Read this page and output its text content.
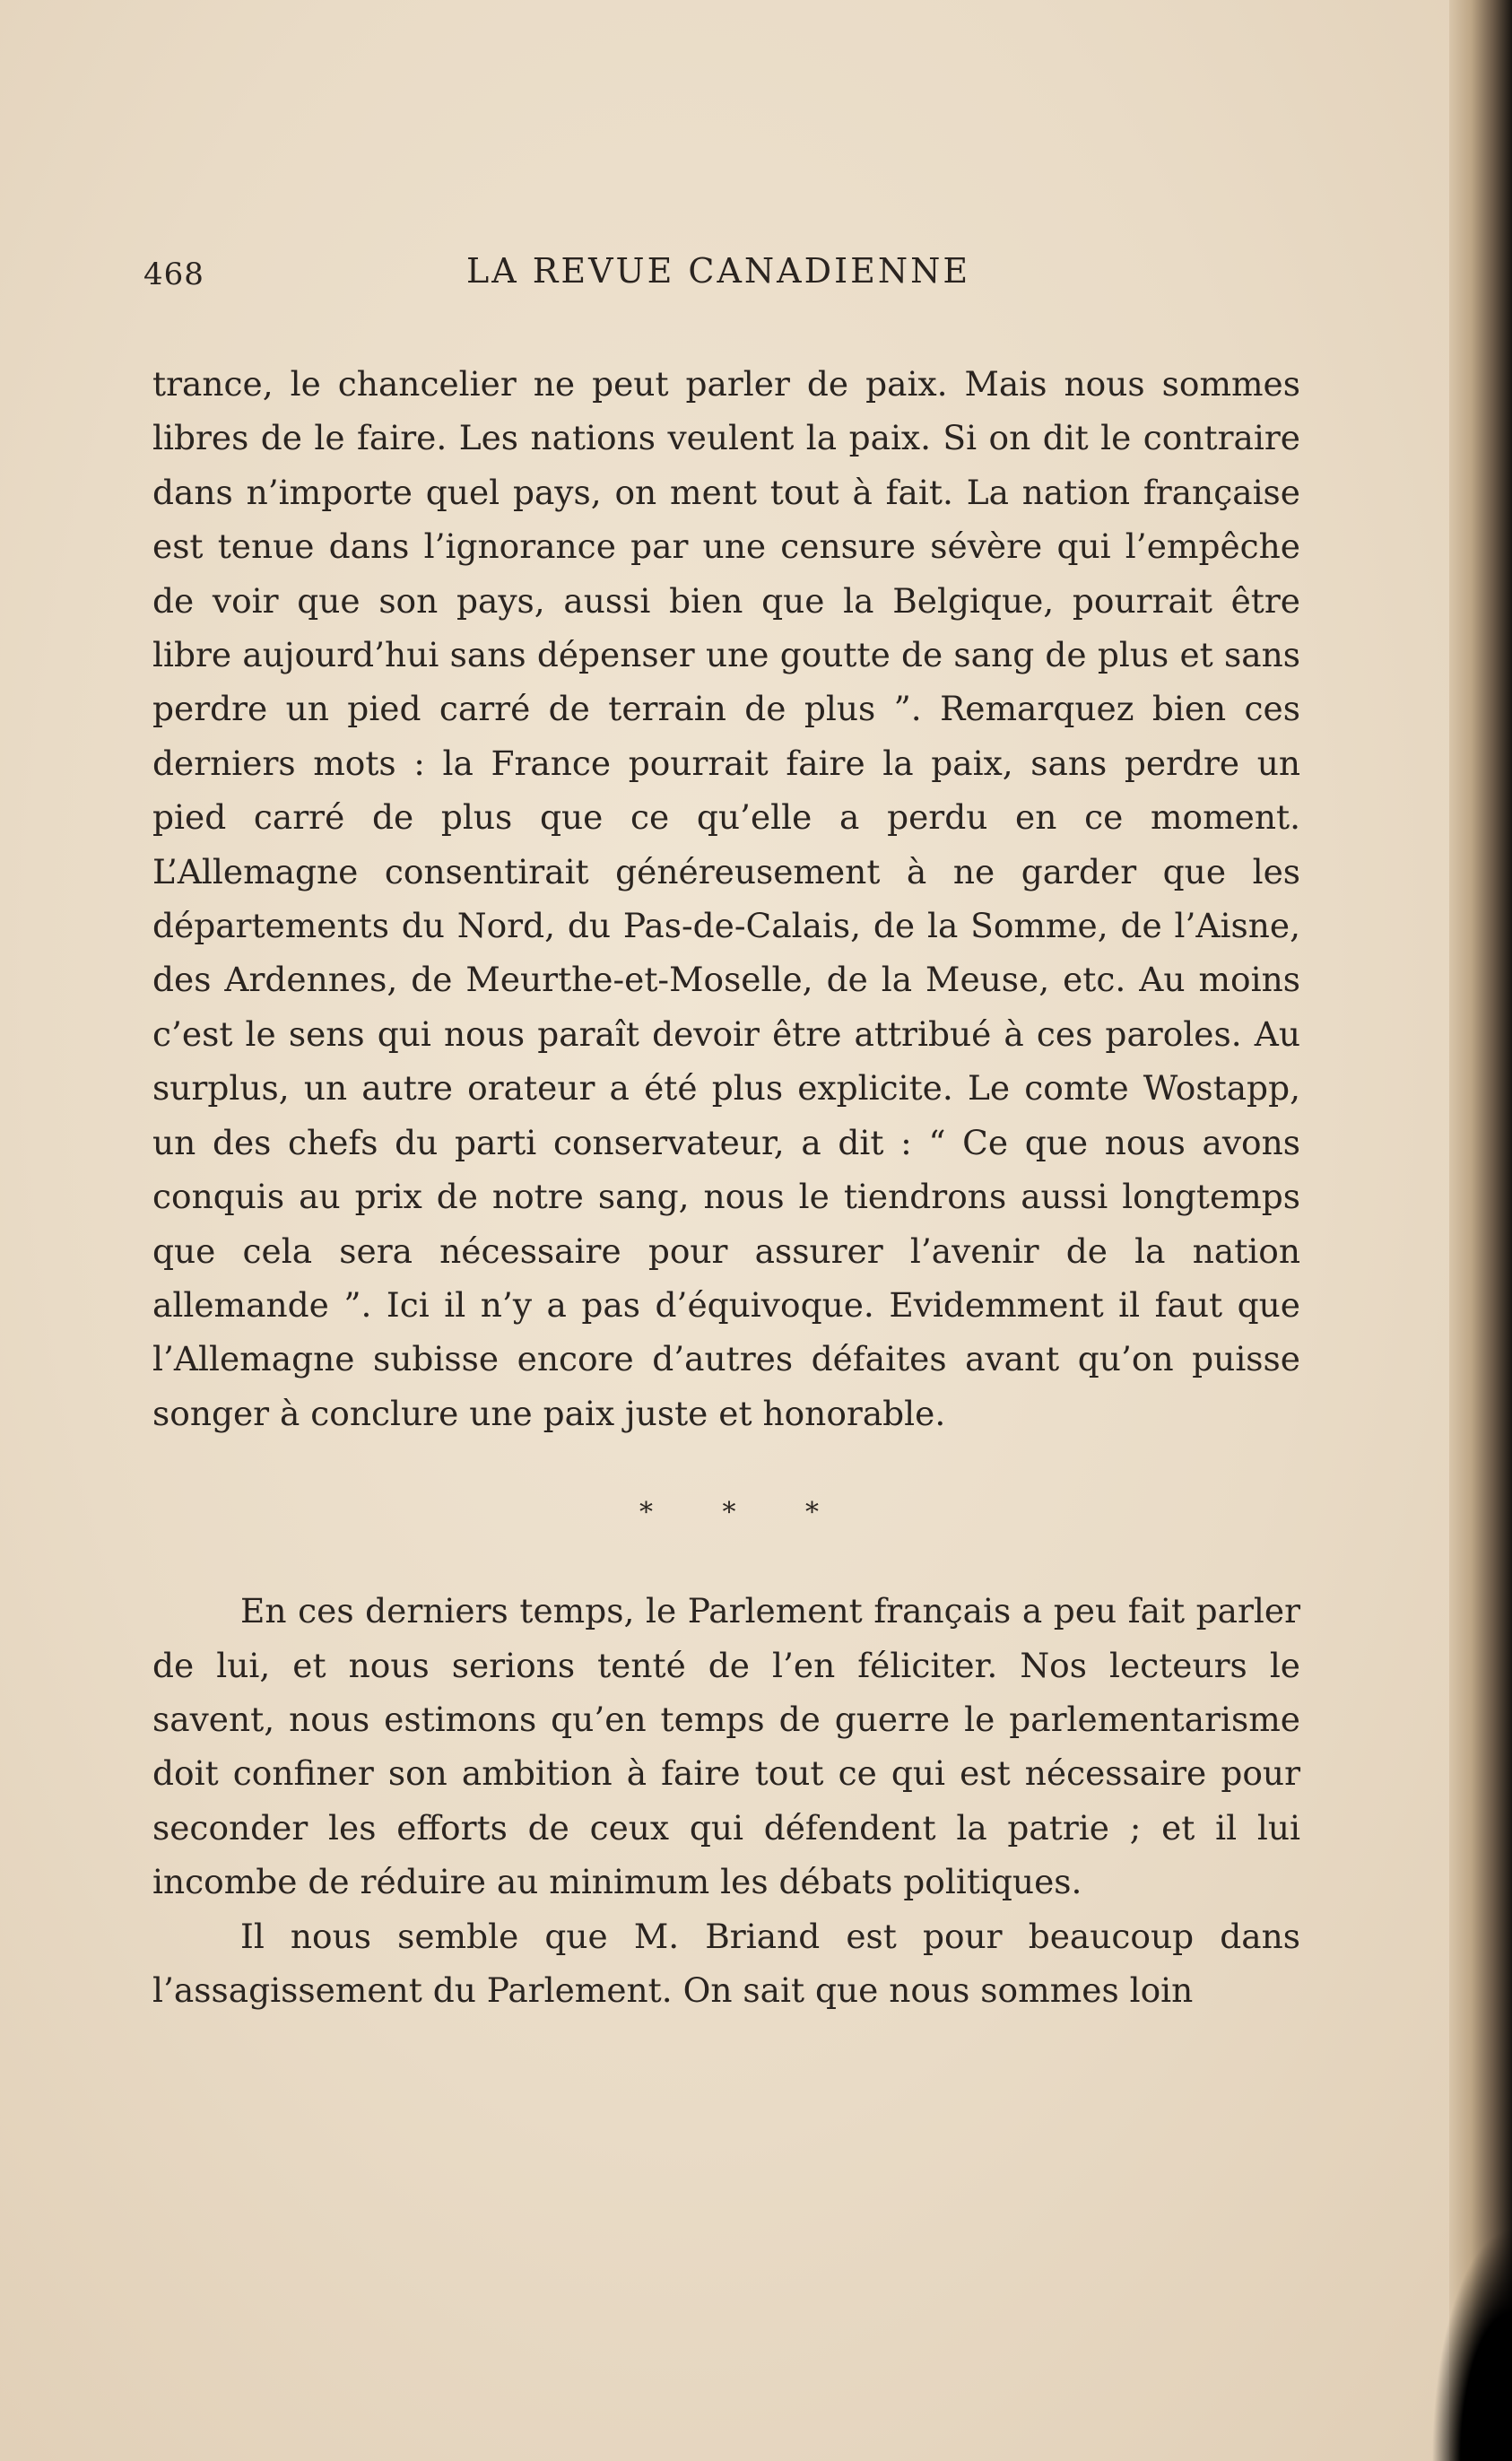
468	LA REVUE CANADIENNE

trance, le chancelier ne peut parler de paix. Mais nous sommes libres de le faire. Les nations veulent la paix. Si on dit le contraire dans n’importe quel pays, on ment tout à fait. La nation française est tenue dans l’ignorance par une censure sévère qui l’empêche de voir que son pays, aussi bien que la Belgique, pourrait être libre aujourd’hui sans dépenser une goutte de sang de plus et sans perdre un pied carré de terrain de plus ”. Remarquez bien ces derniers mots : la France pourrait faire la paix, sans perdre un pied carré de plus que ce qu’elle a perdu en ce moment. L’Allemagne consentirait généreusement à ne garder que les départements du Nord, du Pas-de-Calais, de la Somme, de l’Aisne, des Ardennes, de Meurthe-et-Moselle, de la Meuse, etc. Au moins c’est le sens qui nous paraît devoir être attribué à ces paroles. Au surplus, un autre orateur a été plus explicite. Le comte Wostapp, un des chefs du parti conservateur, a dit : “ Ce que nous avons conquis au prix de notre sang, nous le tiendrons aussi longtemps que cela sera nécessaire pour assurer l’avenir de la nation allemande ”. Ici il n’y a pas d’équivoque. Evidemment il faut que l’Allemagne subisse encore d’autres défaites avant qu’on puisse songer à conclure une paix juste et honorable.

* * *

En ces derniers temps, le Parlement français a peu fait parler de lui, et nous serions tenté de l’en féliciter. Nos lecteurs le savent, nous estimons qu’en temps de guerre le parlementarisme doit confiner son ambition à faire tout ce qui est nécessaire pour seconder les efforts de ceux qui défendent la patrie ; et il lui incombe de réduire au minimum les débats politiques.

Il nous semble que M. Briand est pour beaucoup dans l’assagissement du Parlement. On sait que nous sommes loin
